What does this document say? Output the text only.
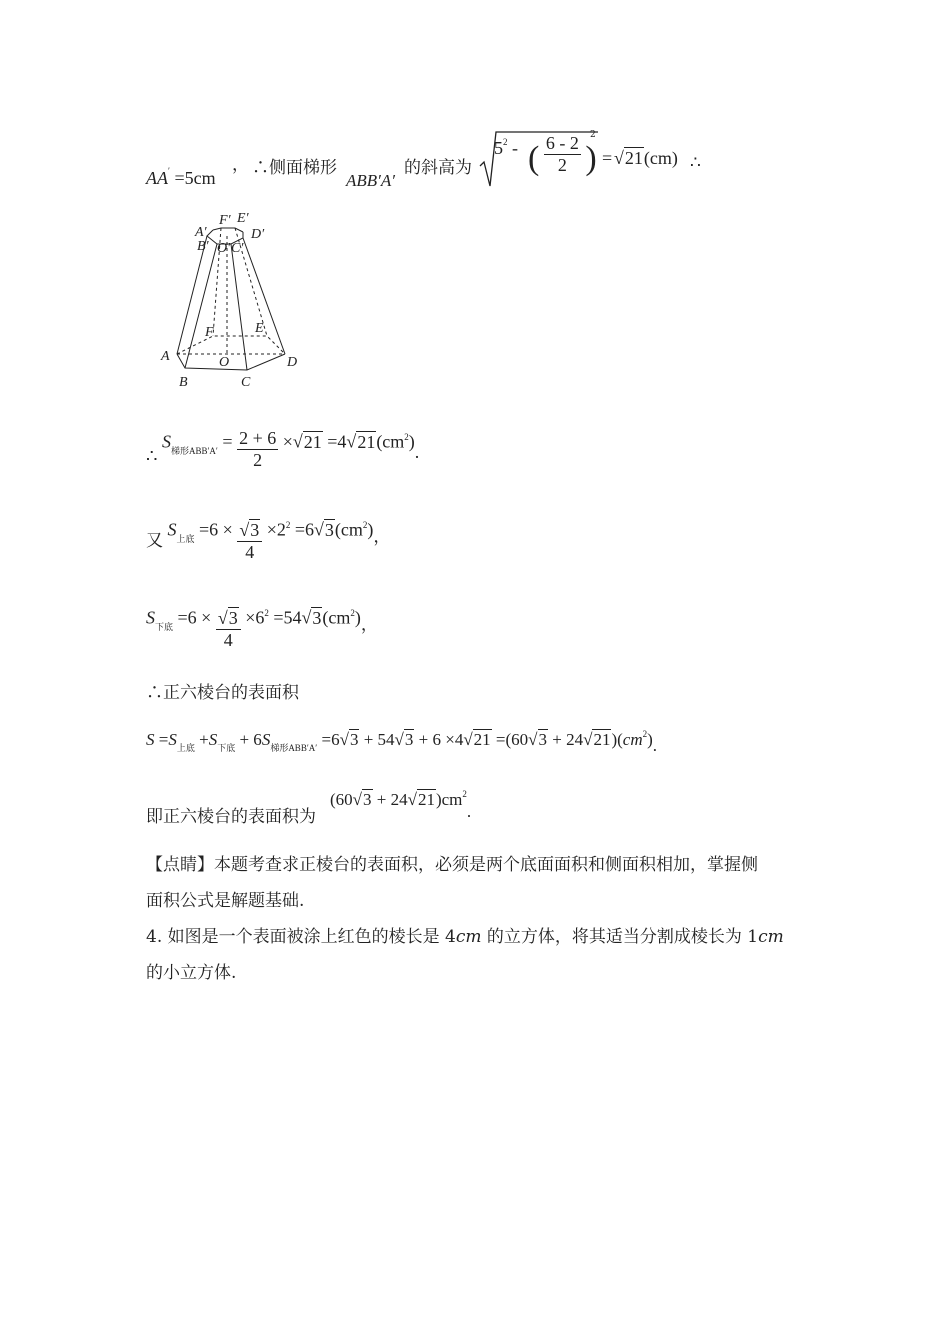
AA′ =5cm
， ∴侧面梯形
ABB′A′
的斜高为
$5^2$ - ( $\frac{6 - 2}{2}$ )
2
= √21(cm) ∴
A′
F′ E′
D′
B′ O′ C′
F	E
A	O	D
B	C
∴ $S_{梯形ABB'A'} = \frac{2 + 6}{2} \times√21 =4√21(cm^2)$.
又 $S_{上底} =6 \times \frac{√3}{4} \times 2^2 =6√3(cm^2)$，
$S_{下底} =6 \times \frac{√3}{4} \times 6^2 =54√3(cm^2)$，
∴正六棱台的表面积
$S =S_{上底} +S_{下底} + 6S_{梯形ABB'A'} =6√3 + 54√3 + 6 \times 4√21 =(60√3 + 24√21)(cm^2)$.
即正六棱台的表面积为
$(60√3 + 24√21)cm^2$.
【点睛】本题考查求正棱台的表面积，必须是两个底面面积和侧面积相加，掌握侧
面积公式是解题基础.
4. 如图是一个表面被涂上红色的棱长是 4cm 的立方体，将其适当分割成棱长为 1cm
的小立方体.
